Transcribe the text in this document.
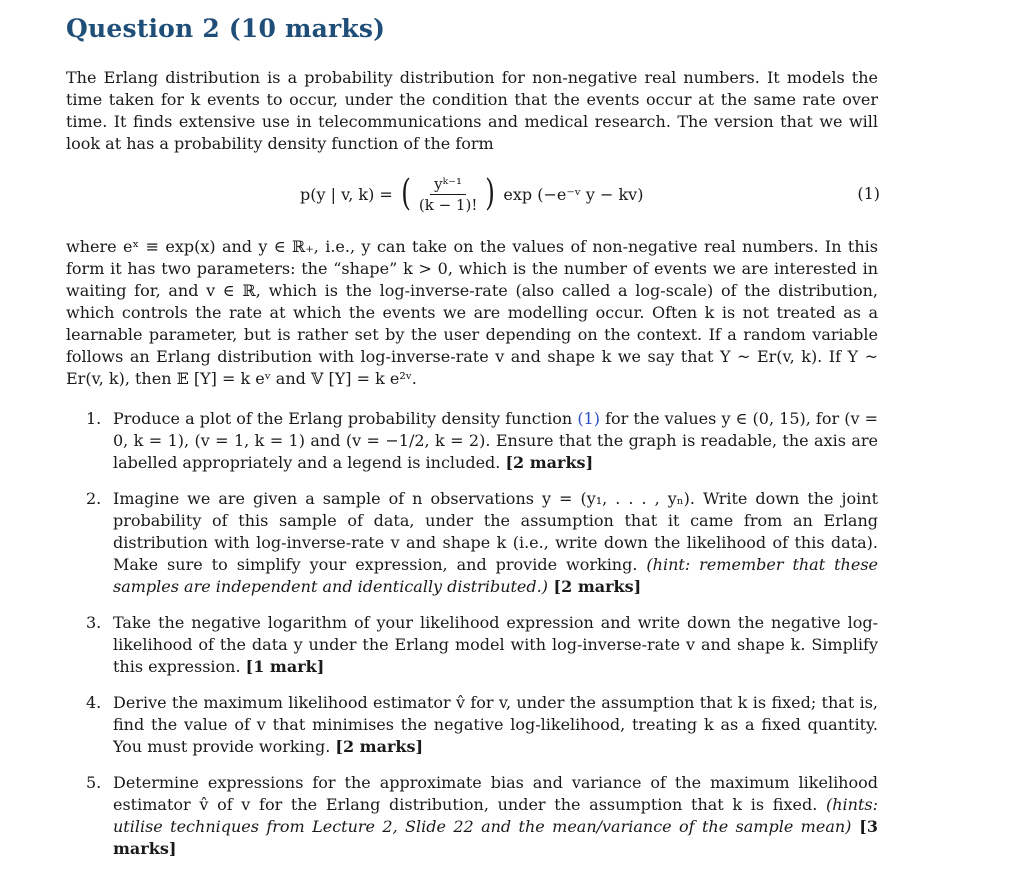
Question 2 (10 marks)
The Erlang distribution is a probability distribution for non-negative real numbers. It models the time taken for k events to occur, under the condition that the events occur at the same rate over time. It finds extensive use in telecommunications and medical research. The version that we will look at has a probability density function of the form
p(y | v, k) = ( $\frac{\text{yᵏ⁻¹}}{(k - 1)!}$ ) exp (−e⁻ᵛ y − kv)	(1)
where eˣ ≡ exp(x) and y ∈ ℝ₊, i.e., y can take on the values of non-negative real numbers. In this form it has two parameters: the “shape” k > 0, which is the number of events we are interested in waiting for, and v ∈ ℝ, which is the log-inverse-rate (also called a log-scale) of the distribution, which controls the rate at which the events we are modelling occur. Often k is not treated as a learnable parameter, but is rather set by the user depending on the context. If a random variable follows an Erlang distribution with log-inverse-rate v and shape k we say that Y ~ Er(v, k). If Y ~ Er(v, k), then 𝔼 [Y] = k eᵛ and 𝕍 [Y] = k e²ᵛ.
1. Produce a plot of the Erlang probability density function (1) for the values y ∈ (0, 15), for (v = 0, k = 1), (v = 1, k = 1) and (v = −1/2, k = 2). Ensure that the graph is readable, the axis are labelled appropriately and a legend is included. [2 marks]
2. Imagine we are given a sample of n observations y = (y₁, . . . , yₙ). Write down the joint probability of this sample of data, under the assumption that it came from an Erlang distribution with log-inverse-rate v and shape k (i.e., write down the likelihood of this data). Make sure to simplify your expression, and provide working. (hint: remember that these samples are independent and identically distributed.) [2 marks]
3. Take the negative logarithm of your likelihood expression and write down the negative log-likelihood of the data y under the Erlang model with log-inverse-rate v and shape k. Simplify this expression. [1 mark]
4. Derive the maximum likelihood estimator v̂ for v, under the assumption that k is fixed; that is, find the value of v that minimises the negative log-likelihood, treating k as a fixed quantity. You must provide working. [2 marks]
5. Determine expressions for the approximate bias and variance of the maximum likelihood estimator v̂ of v for the Erlang distribution, under the assumption that k is fixed. (hints: utilise techniques from Lecture 2, Slide 22 and the mean/variance of the sample mean) [3 marks]
